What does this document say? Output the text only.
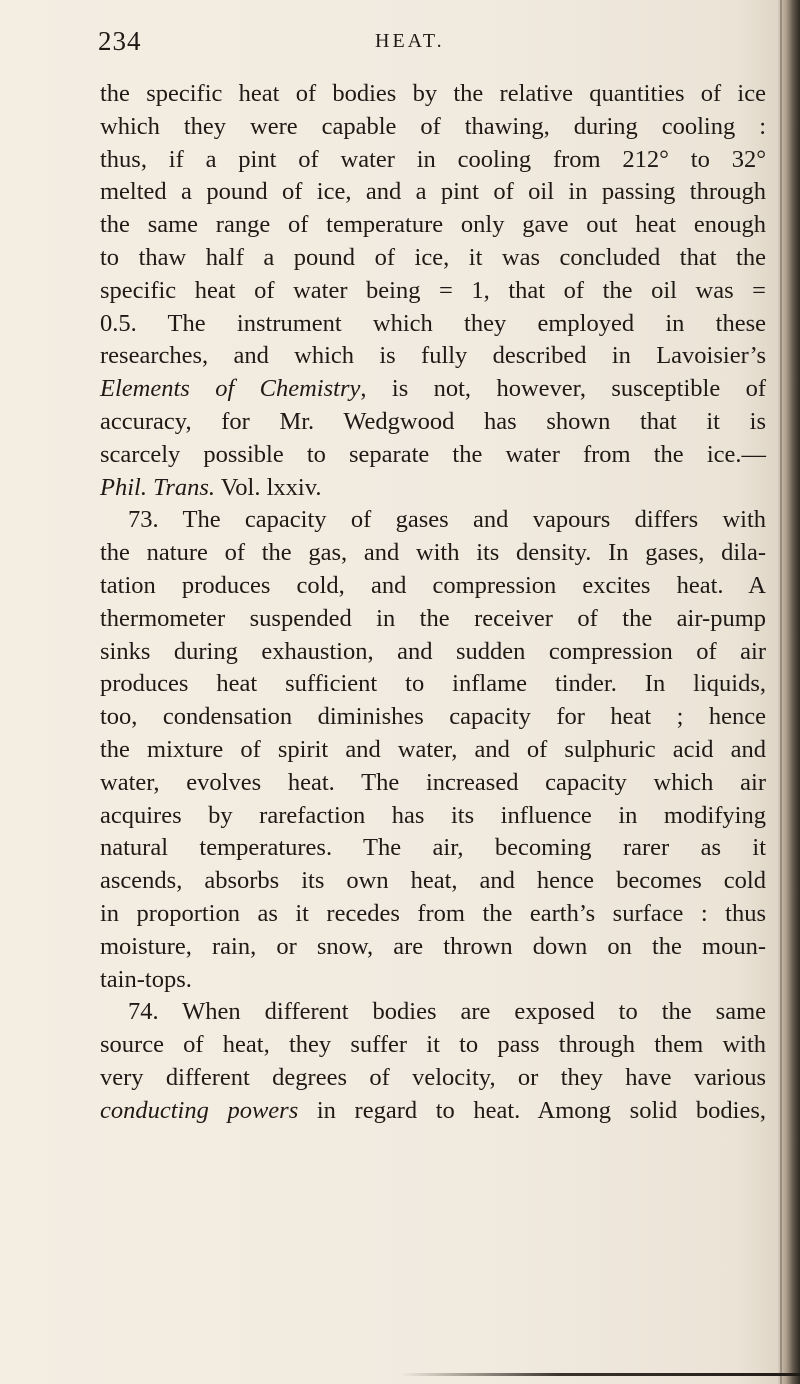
234	HEAT.
the specific heat of bodies by the relative quantities of ice
which they were capable of thawing, during cooling :
thus, if a pint of water in cooling from 212° to 32°
melted a pound of ice, and a pint of oil in passing through
the same range of temperature only gave out heat enough
to thaw half a pound of ice, it was concluded that the
specific heat of water being = 1, that of the oil was =
0.5. The instrument which they employed in these
researches, and which is fully described in Lavoisier’s
Elements of Chemistry, is not, however, susceptible of
accuracy, for Mr. Wedgwood has shown that it is
scarcely possible to separate the water from the ice.—
Phil. Trans. Vol. lxxiv.
73. The capacity of gases and vapours differs with
the nature of the gas, and with its density. In gases, dila-
tation produces cold, and compression excites heat. A
thermometer suspended in the receiver of the air-pump
sinks during exhaustion, and sudden compression of air
produces heat sufficient to inflame tinder. In liquids,
too, condensation diminishes capacity for heat ; hence
the mixture of spirit and water, and of sulphuric acid and
water, evolves heat. The increased capacity which air
acquires by rarefaction has its influence in modifying
natural temperatures. The air, becoming rarer as it
ascends, absorbs its own heat, and hence becomes cold
in proportion as it recedes from the earth’s surface : thus
moisture, rain, or snow, are thrown down on the moun-
tain-tops.
74. When different bodies are exposed to the same
source of heat, they suffer it to pass through them with
very different degrees of velocity, or they have various
conducting powers in regard to heat. Among solid bodies,
